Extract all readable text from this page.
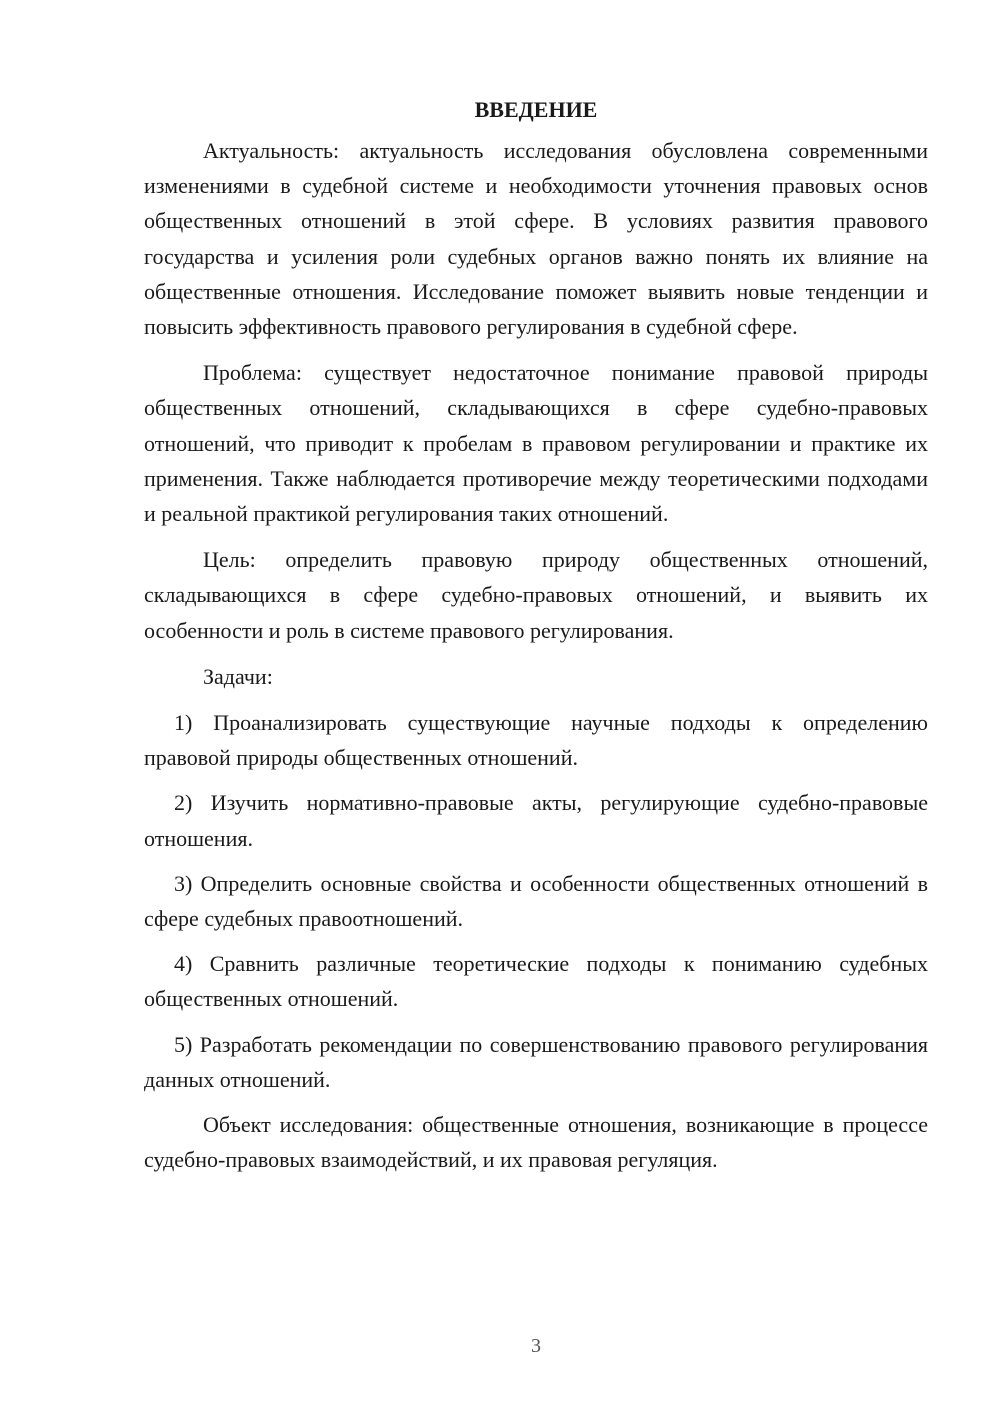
ВВЕДЕНИЕ

Актуальность: актуальность исследования обусловлена современными изменениями в судебной системе и необходимости уточнения правовых основ общественных отношений в этой сфере. В условиях развития правового государства и усиления роли судебных органов важно понять их влияние на общественные отношения. Исследование поможет выявить новые тенденции и повысить эффективность правового регулирования в судебной сфере.

Проблема: существует недостаточное понимание правовой природы общественных отношений, складывающихся в сфере судебно-правовых отношений, что приводит к пробелам в правовом регулировании и практике их применения. Также наблюдается противоречие между теоретическими подходами и реальной практикой регулирования таких отношений.

Цель: определить правовую природу общественных отношений, складывающихся в сфере судебно-правовых отношений, и выявить их особенности и роль в системе правового регулирования.

Задачи:

1) Проанализировать существующие научные подходы к определению правовой природы общественных отношений.

2) Изучить нормативно-правовые акты, регулирующие судебно-правовые отношения.

3) Определить основные свойства и особенности общественных отношений в сфере судебных правоотношений.

4) Сравнить различные теоретические подходы к пониманию судебных общественных отношений.

5) Разработать рекомендации по совершенствованию правового регулирования данных отношений.

Объект исследования: общественные отношения, возникающие в процессе судебно-правовых взаимодействий, и их правовая регуляция.

3
